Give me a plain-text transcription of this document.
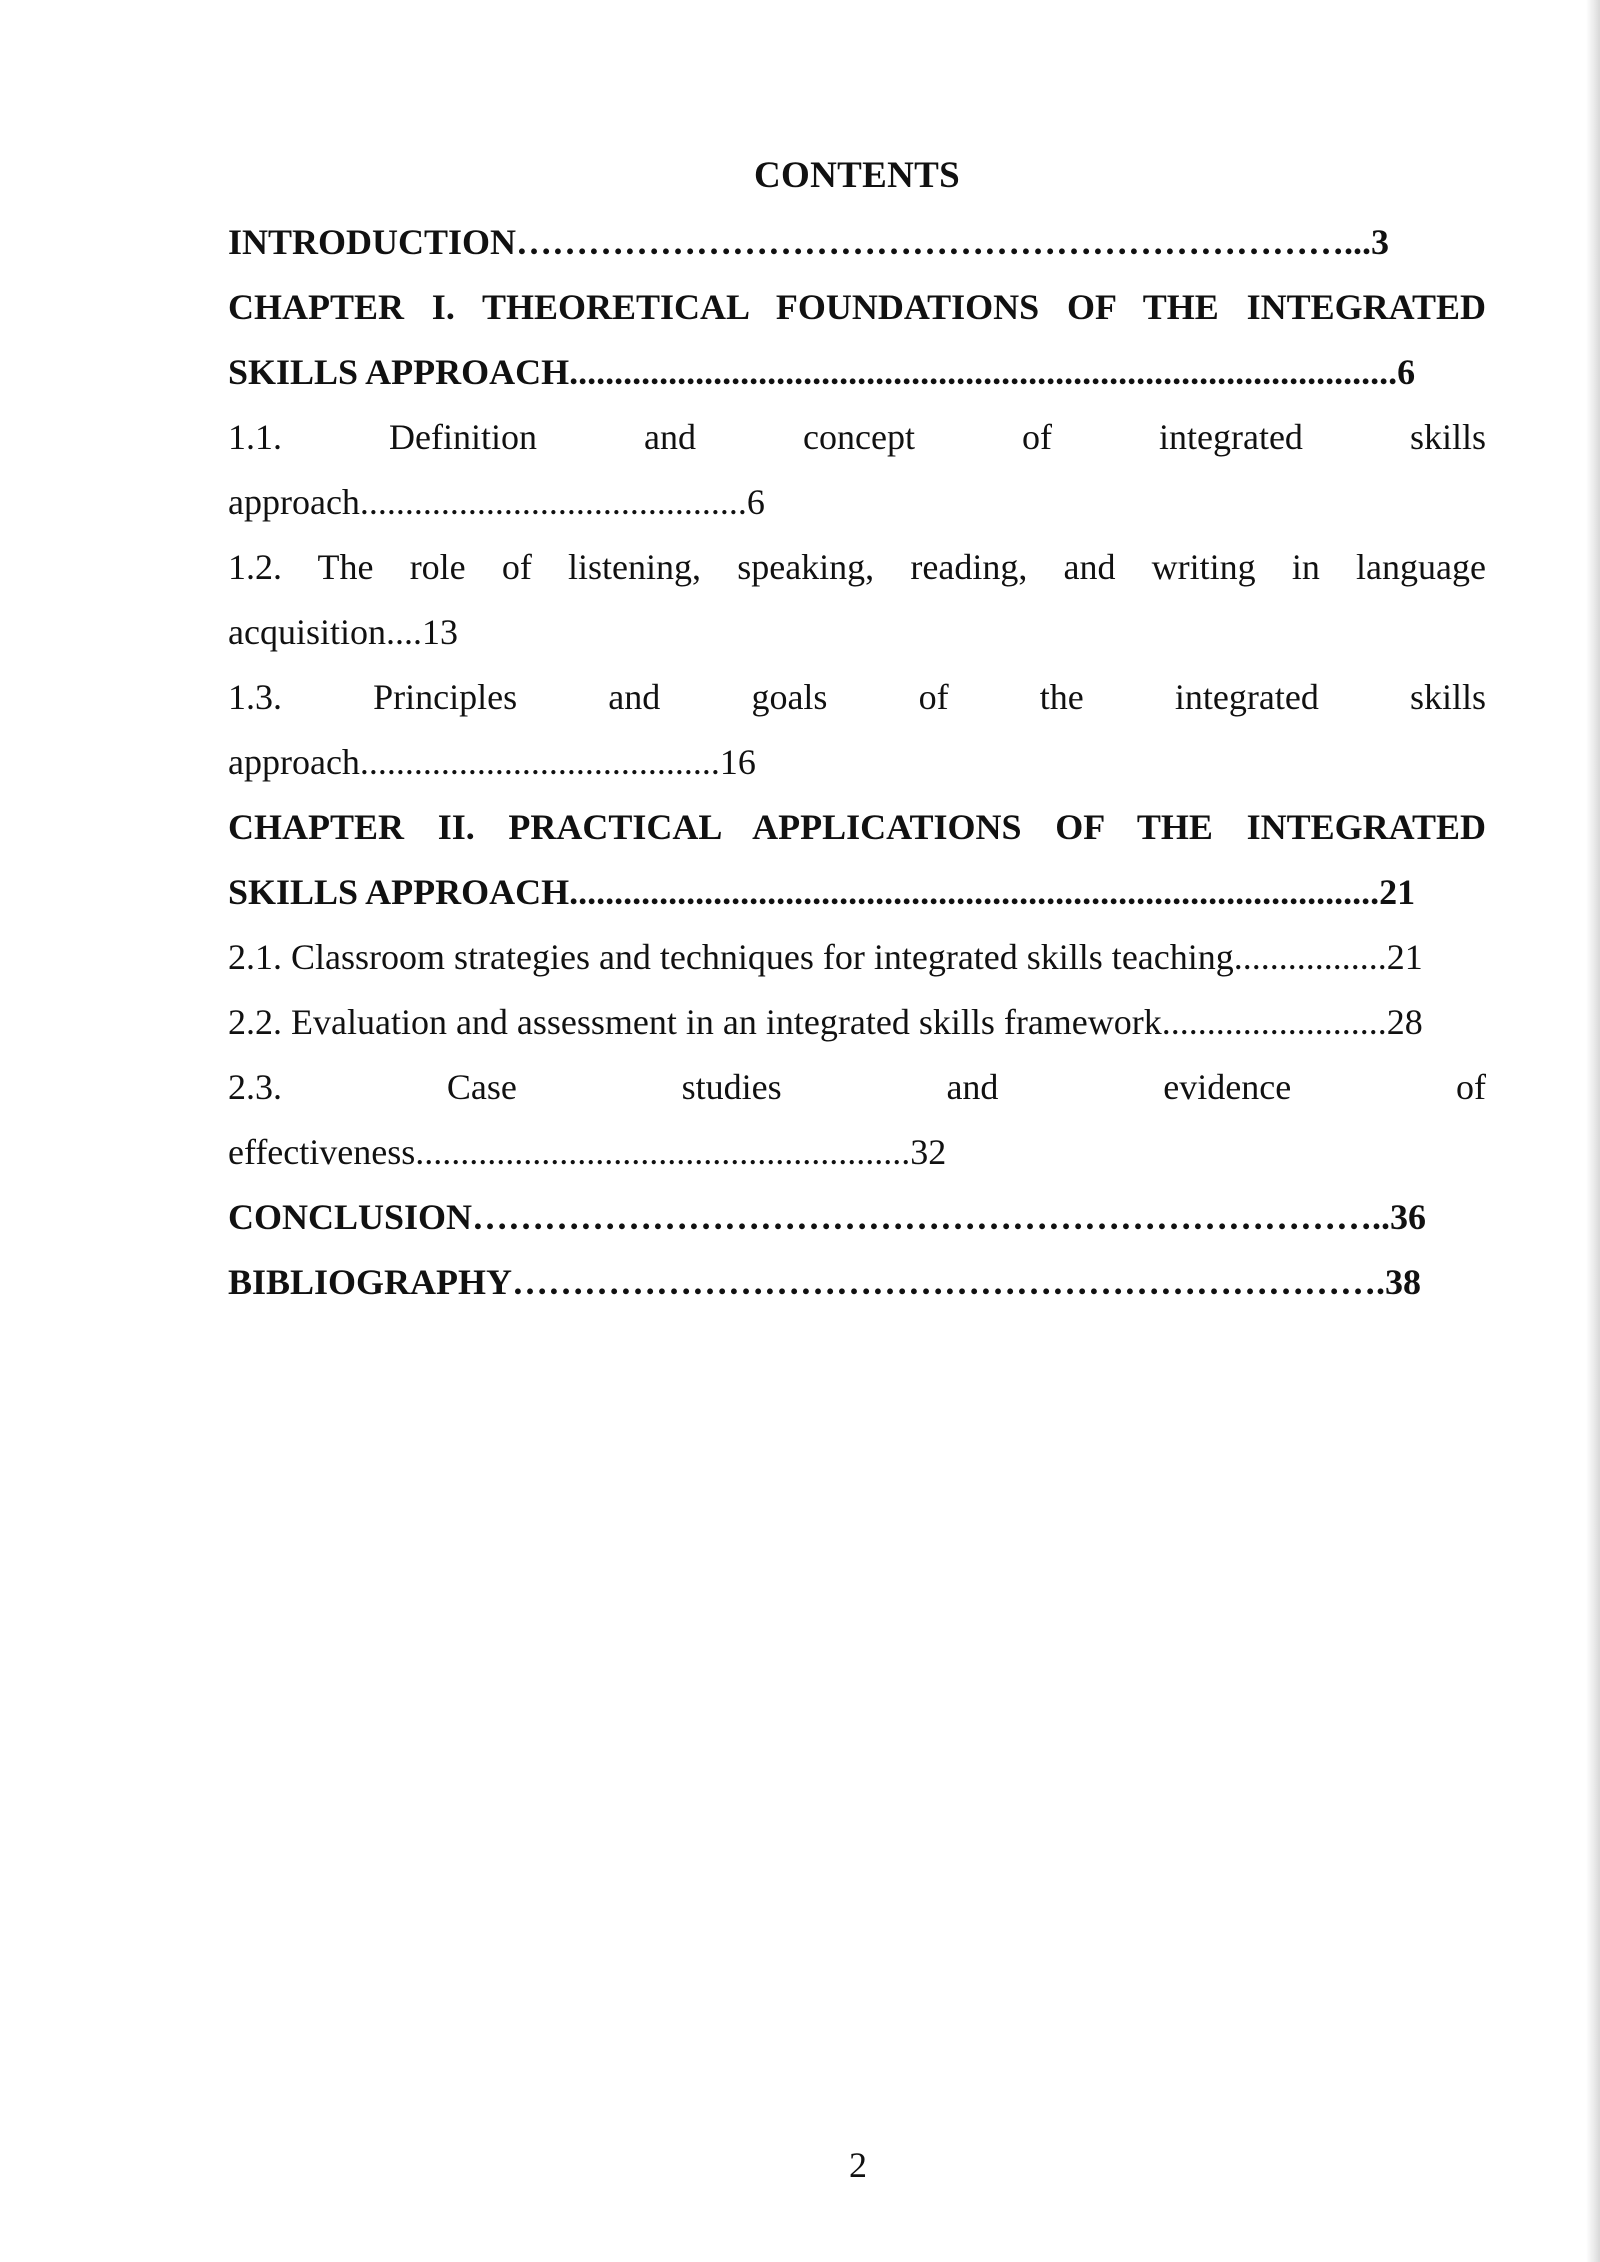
CONTENTS
INTRODUCTION……………………………………………………………...3
CHAPTER I. THEORETICAL FOUNDATIONS OF THE INTEGRATED
SKILLS APPROACH............................................................................................6
1.1. Definition and concept of integrated skills
approach...........................................6
1.2. The role of listening, speaking, reading, and writing in language
acquisition....13
1.3. Principles and goals of the integrated skills
approach........................................16
CHAPTER II. PRACTICAL APPLICATIONS OF THE INTEGRATED
SKILLS APPROACH..........................................................................................21
2.1. Classroom strategies and techniques for integrated skills teaching.................21
2.2. Evaluation and assessment in an integrated skills framework.........................28
2.3. Case studies and evidence of
effectiveness.......................................................32
CONCLUSION…………………………………………………………………..36
BIBLIOGRAPHY……………………………………………………………….38
2
